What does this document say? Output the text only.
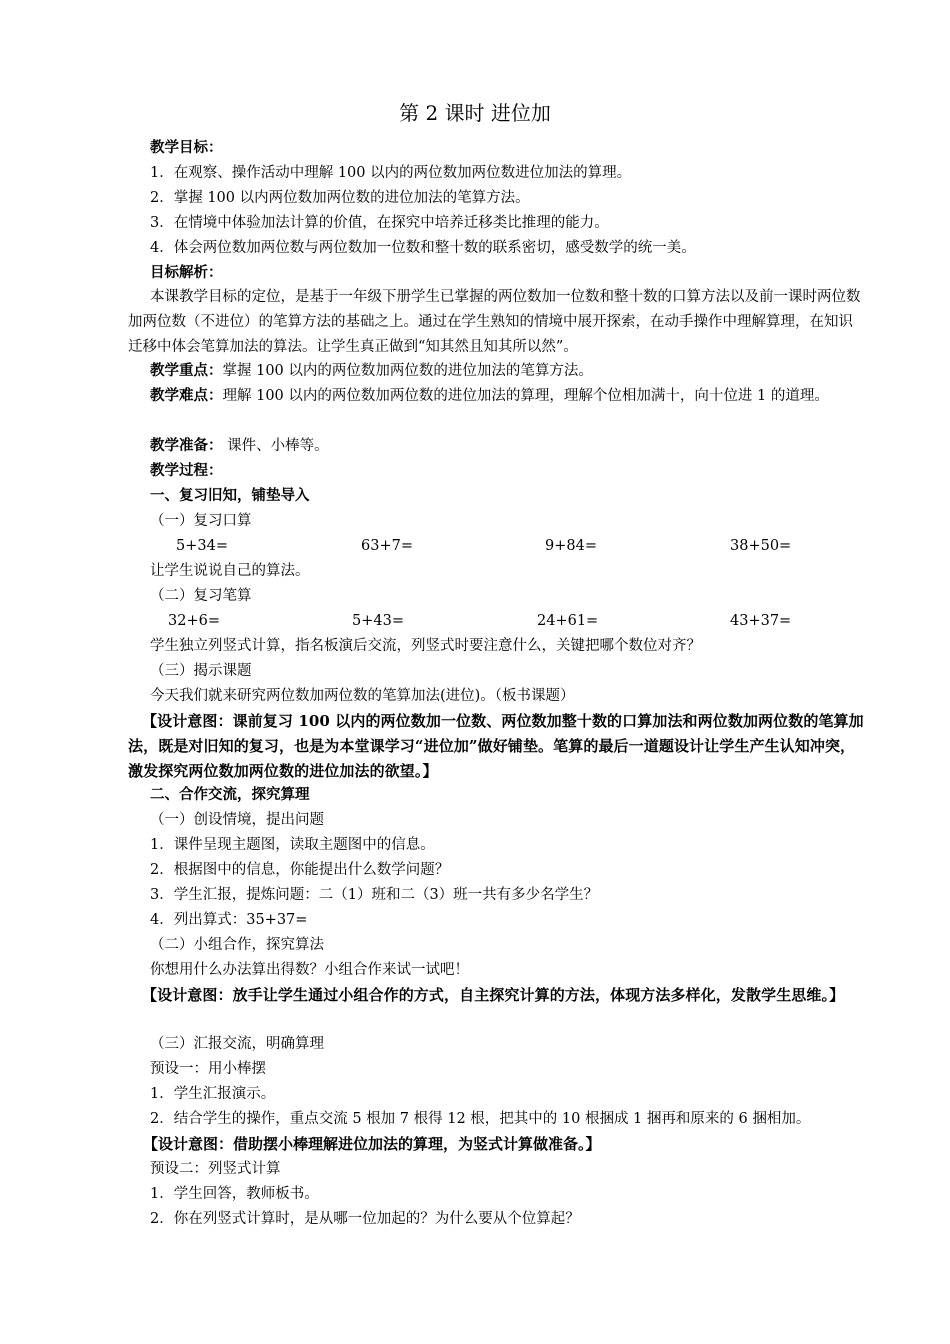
第 2 课时 进位加
教学目标：
1．在观察、操作活动中理解 100 以内的两位数加两位数进位加法的算理。
2．掌握 100 以内两位数加两位数的进位加法的笔算方法。
3．在情境中体验加法计算的价值，在探究中培养迁移类比推理的能力。
4．体会两位数加两位数与两位数加一位数和整十数的联系密切，感受数学的统一美。
目标解析：
本课教学目标的定位，是基于一年级下册学生已掌握的两位数加一位数和整十数的口算方法以及前一课时两位数加两位数（不进位）的笔算方法的基础之上。通过在学生熟知的情境中展开探索，在动手操作中理解算理，在知识迁移中体会笔算加法的算法。让学生真正做到“知其然且知其所以然”。
教学重点：掌握 100 以内的两位数加两位数的进位加法的笔算方法。
教学难点：理解 100 以内的两位数加两位数的进位加法的算理，理解个位相加满十，向十位进 1 的道理。
教学准备： 课件、小棒等。
教学过程：
一、复习旧知，铺垫导入
（一）复习口算
5+34=	63+7=	9+84=	38+50=
让学生说说自己的算法。
（二）复习笔算
32+6=	5+43=	24+61=	43+37=
学生独立列竖式计算，指名板演后交流，列竖式时要注意什么，关键把哪个数位对齐？
（三）揭示课题
今天我们就来研究两位数加两位数的笔算加法(进位)。（板书课题）
【设计意图：课前复习 100 以内的两位数加一位数、两位数加整十数的口算加法和两位数加两位数的笔算加法，既是对旧知的复习，也是为本堂课学习“进位加”做好铺垫。笔算的最后一道题设计让学生产生认知冲突，激发探究两位数加两位数的进位加法的欲望。】
二、合作交流，探究算理
（一）创设情境，提出问题
1．课件呈现主题图，读取主题图中的信息。
2．根据图中的信息，你能提出什么数学问题？
3．学生汇报，提炼问题：二（1）班和二（3）班一共有多少名学生？
4．列出算式：35+37=
（二）小组合作，探究算法
你想用什么办法算出得数？小组合作来试一试吧！
【设计意图：放手让学生通过小组合作的方式，自主探究计算的方法，体现方法多样化，发散学生思维。】
（三）汇报交流，明确算理
预设一：用小棒摆
1．学生汇报演示。
2．结合学生的操作，重点交流 5 根加 7 根得 12 根，把其中的 10 根捆成 1 捆再和原来的 6 捆相加。
【设计意图：借助摆小棒理解进位加法的算理，为竖式计算做准备。】
预设二：列竖式计算
1．学生回答，教师板书。
2．你在列竖式计算时，是从哪一位加起的？为什么要从个位算起？
